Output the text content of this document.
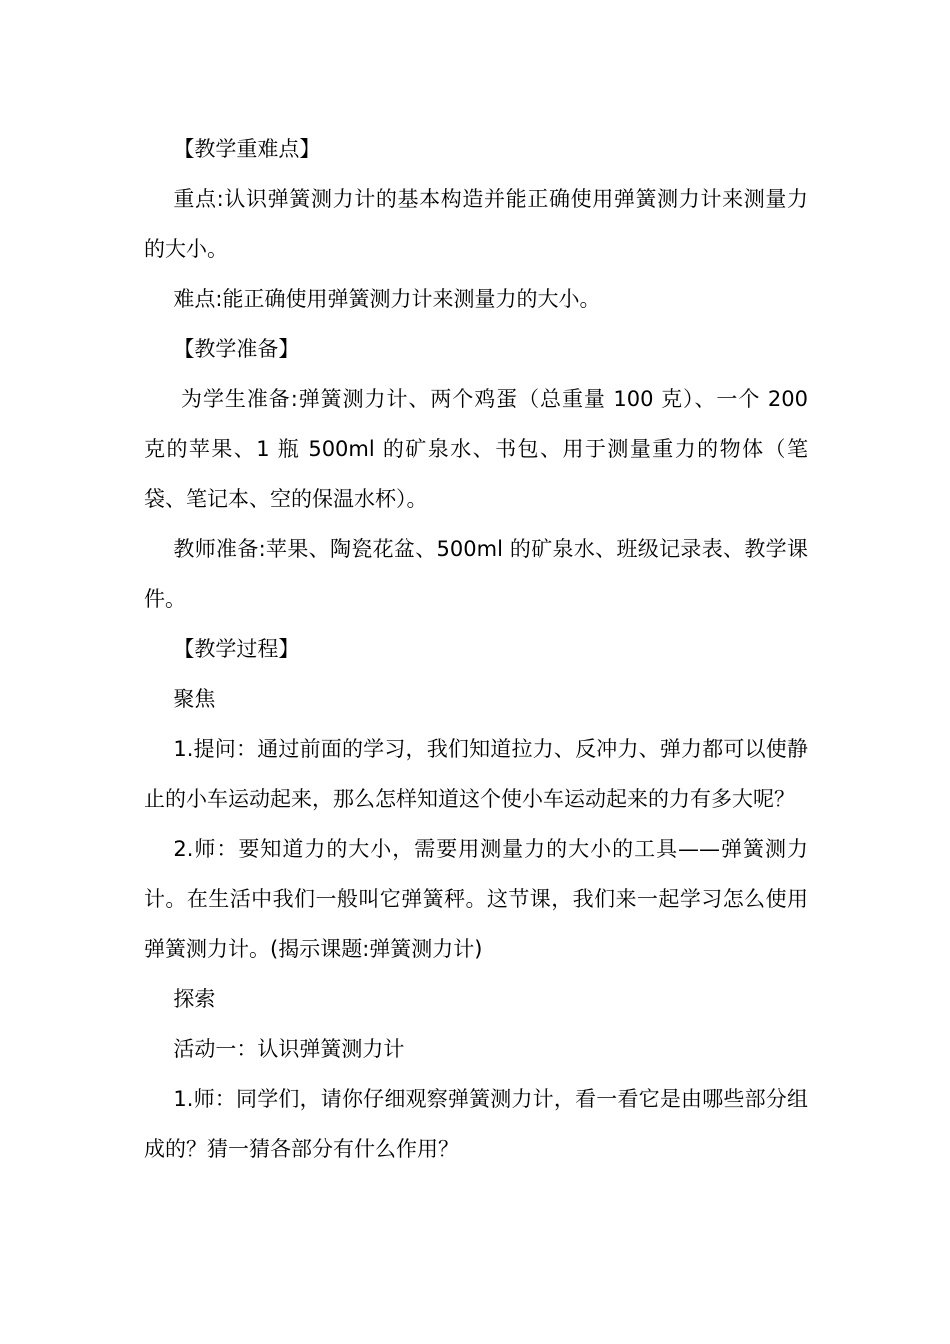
【教学重难点】

重点:认识弹簧测力计的基本构造并能正确使用弹簧测力计来测量力的大小。

难点:能正确使用弹簧测力计来测量力的大小。

【教学准备】

为学生准备:弹簧测力计、两个鸡蛋（总重量 100 克）、一个 200 克的苹果、1 瓶 500ml 的矿泉水、书包、用于测量重力的物体（笔袋、笔记本、空的保温水杯）。

教师准备:苹果、陶瓷花盆、500ml 的矿泉水、班级记录表、教学课件。

【教学过程】

聚焦

1.提问：通过前面的学习，我们知道拉力、反冲力、弹力都可以使静止的小车运动起来，那么怎样知道这个使小车运动起来的力有多大呢？

2.师：要知道力的大小，需要用测量力的大小的工具——弹簧测力计。在生活中我们一般叫它弹簧秤。这节课，我们来一起学习怎么使用弹簧测力计。(揭示课题:弹簧测力计)

探索

活动一：认识弹簧测力计

1.师：同学们，请你仔细观察弹簧测力计，看一看它是由哪些部分组成的？猜一猜各部分有什么作用？
